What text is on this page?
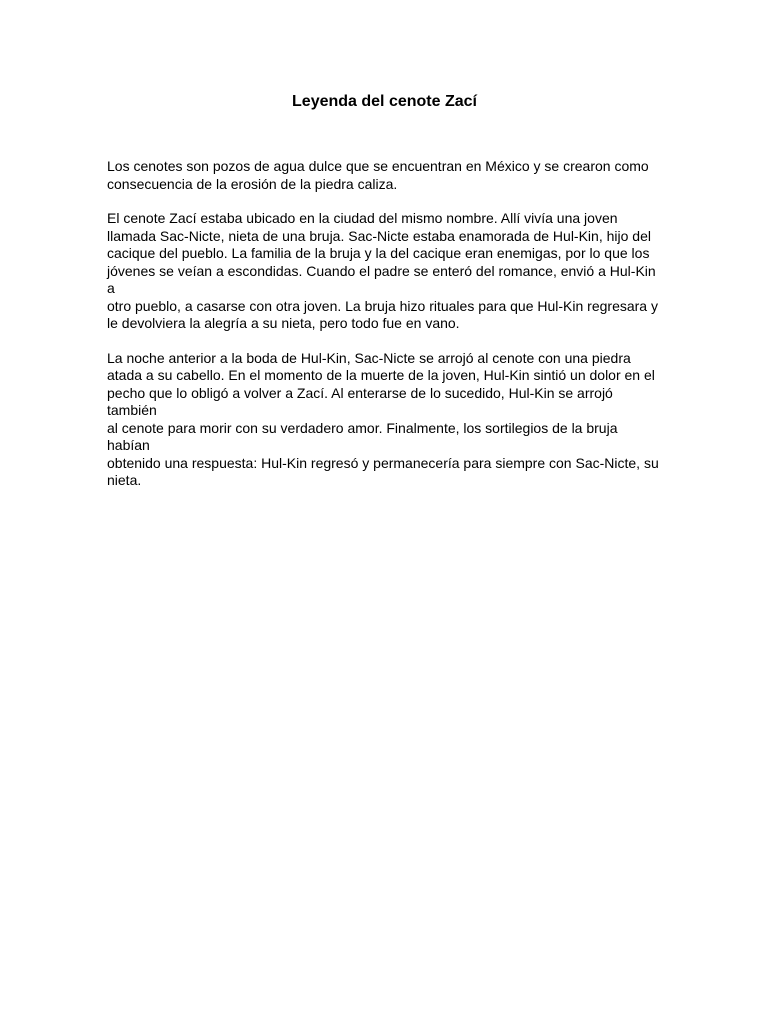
Leyenda del cenote Zací

Los cenotes son pozos de agua dulce que se encuentran en México y se crearon como
consecuencia de la erosión de la piedra caliza.

El cenote Zací estaba ubicado en la ciudad del mismo nombre. Allí vivía una joven
llamada Sac-Nicte, nieta de una bruja. Sac-Nicte estaba enamorada de Hul-Kin, hijo del
cacique del pueblo. La familia de la bruja y la del cacique eran enemigas, por lo que los
jóvenes se veían a escondidas. Cuando el padre se enteró del romance, envió a Hul-Kin a
otro pueblo, a casarse con otra joven. La bruja hizo rituales para que Hul-Kin regresara y
le devolviera la alegría a su nieta, pero todo fue en vano.

La noche anterior a la boda de Hul-Kin, Sac-Nicte se arrojó al cenote con una piedra
atada a su cabello. En el momento de la muerte de la joven, Hul-Kin sintió un dolor en el
pecho que lo obligó a volver a Zací. Al enterarse de lo sucedido, Hul-Kin se arrojó también
al cenote para morir con su verdadero amor. Finalmente, los sortilegios de la bruja habían
obtenido una respuesta: Hul-Kin regresó y permanecería para siempre con Sac-Nicte, su
nieta.
